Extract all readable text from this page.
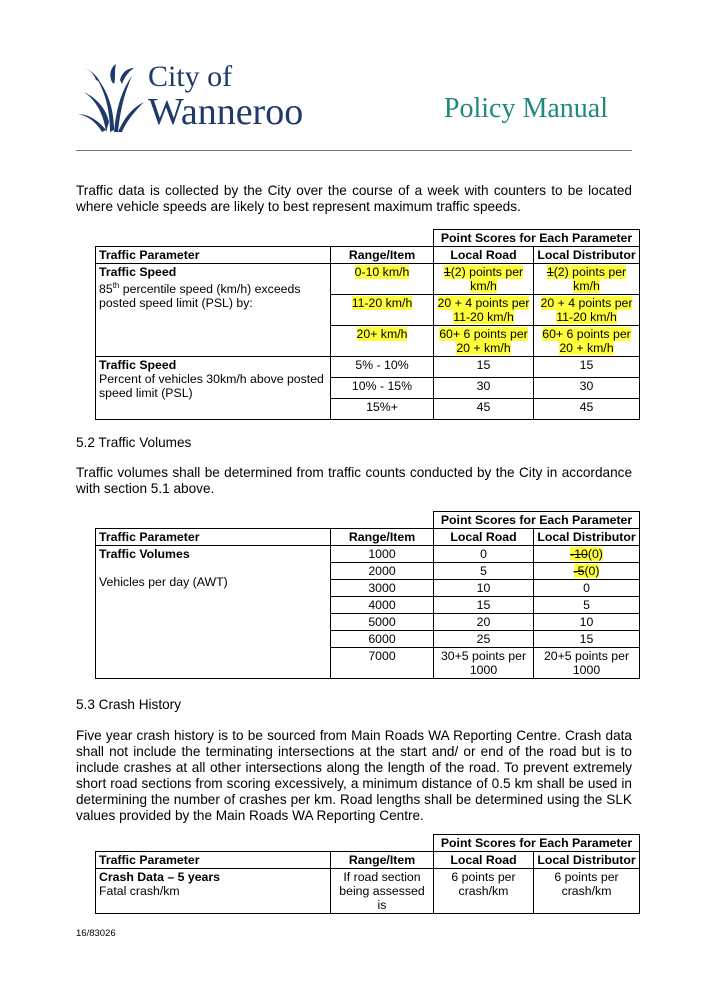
City of
Wanneroo	Policy Manual
Traffic data is collected by the City over the course of a week with counters to be located where vehicle speeds are likely to best represent maximum traffic speeds.
		Point Scores for Each Parameter	
Traffic Parameter	Range/Item	Local Road	Local Distributor

Traffic Speed
85th percentile speed (km/h) exceeds posted speed limit (PSL) by:	0-10 km/h	1(2) points per km/h	1(2) points per km/h
	11-20 km/h	20 + 4 points per 11-20 km/h	20 + 4 points per 11-20 km/h
	20+ km/h	60+ 6 points per 20 + km/h	60+ 6 points per 20 + km/h

Traffic Speed
Percent of vehicles 30km/h above posted speed limit (PSL)	5% - 10%	15	15
	10% - 15%	30	30
	15%+	45	45
5.2 Traffic Volumes
Traffic volumes shall be determined from traffic counts conducted by the City in accordance with section 5.1 above.
		Point Scores for Each Parameter	
Traffic Parameter	Range/Item	Local Road	Local Distributor

Traffic Volumes
Vehicles per day (AWT)	1000	0	-10(0)
	2000	5	-5(0)
	3000	10	0
	4000	15	5
	5000	20	10
	6000	25	15
	7000	30+5 points per 1000	20+5 points per 1000
5.3 Crash History
Five year crash history is to be sourced from Main Roads WA Reporting Centre. Crash data shall not include the terminating intersections at the start and/ or end of the road but is to include crashes at all other intersections along the length of the road. To prevent extremely short road sections from scoring excessively, a minimum distance of 0.5 km shall be used in determining the number of crashes per km. Road lengths shall be determined using the SLK values provided by the Main Roads WA Reporting Centre.
		Point Scores for Each Parameter	
Traffic Parameter	Range/Item	Local Road	Local Distributor

Crash Data – 5 years
Fatal crash/km	If road section being assessed is	6 points per crash/km	6 points per crash/km
16/83026
